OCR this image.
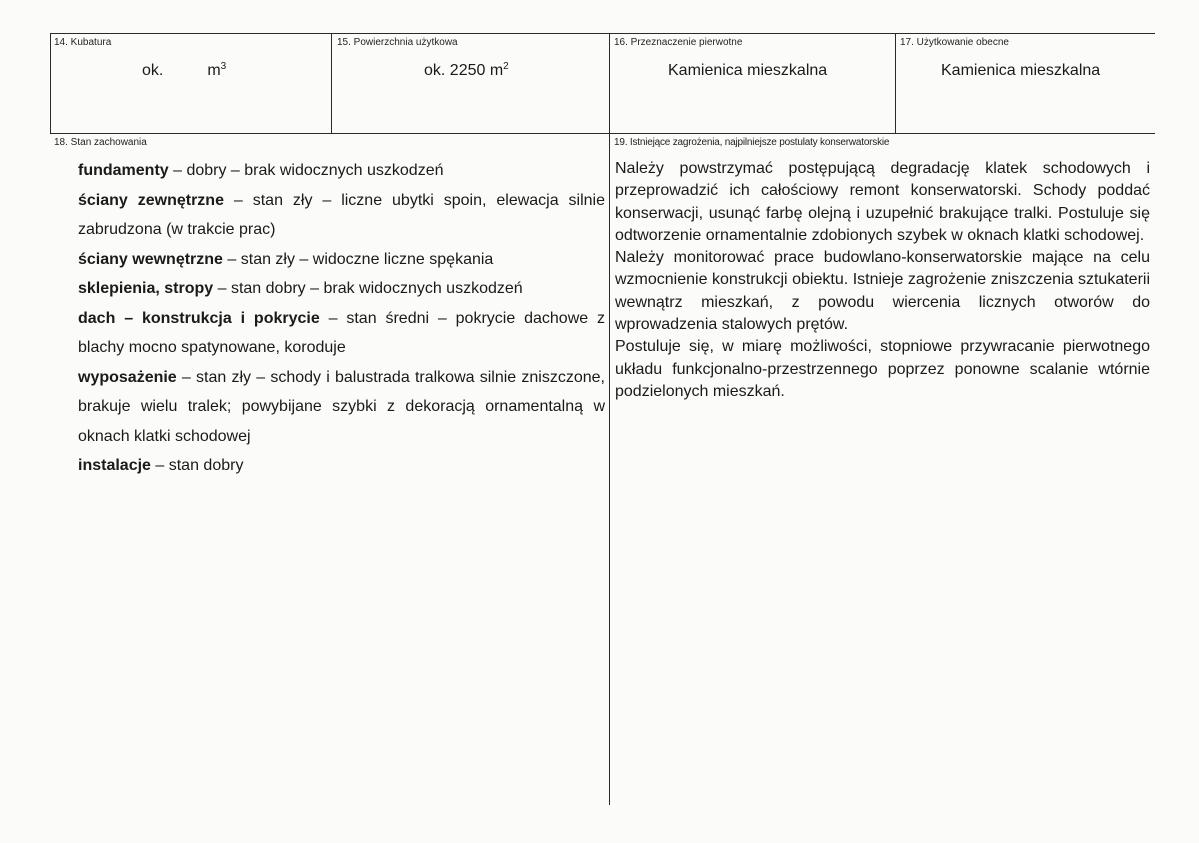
14. Kubatura
ok.	$m^3$
15. Powierzchnia użytkowa
ok. 2250 $m^2$
16. Przeznaczenie pierwotne
Kamienica mieszkalna
17. Użytkowanie obecne
Kamienica mieszkalna
18. Stan zachowania

fundamenty – dobry – brak widocznych uszkodzeń

ściany zewnętrzne – stan zły – liczne ubytki spoin, elewacja silnie zabrudzona (w trakcie prac)

ściany wewnętrzne – stan zły – widoczne liczne spękania

sklepienia, stropy – stan dobry – brak widocznych uszkodzeń

dach – konstrukcja i pokrycie – stan średni – pokrycie dachowe z blachy mocno spatynowane, koroduje

wyposażenie – stan zły – schody i balustrada tralkowa silnie zniszczone, brakuje wielu tralek; powybijane szybki z dekoracją ornamentalną w oknach klatki schodowej

instalacje – stan dobry

19. Istniejące zagrożenia, najpilniejsze postulaty konserwatorskie

Należy powstrzymać postępującą degradację klatek schodowych i przeprowadzić ich całościowy remont konserwatorski. Schody poddać konserwacji, usunąć farbę olejną i uzupełnić brakujące tralki. Postuluje się odtworzenie ornamentalnie zdobionych szybek w oknach klatki schodowej.

Należy monitorować prace budowlano-konserwatorskie mające na celu wzmocnienie konstrukcji obiektu. Istnieje zagrożenie zniszczenia sztukaterii wewnątrz mieszkań, z powodu wiercenia licznych otworów do wprowadzenia stalowych prętów.

Postuluje się, w miarę możliwości, stopniowe przywracanie pierwotnego układu funkcjonalno-przestrzennego poprzez ponowne scalanie wtórnie podzielonych mieszkań.
